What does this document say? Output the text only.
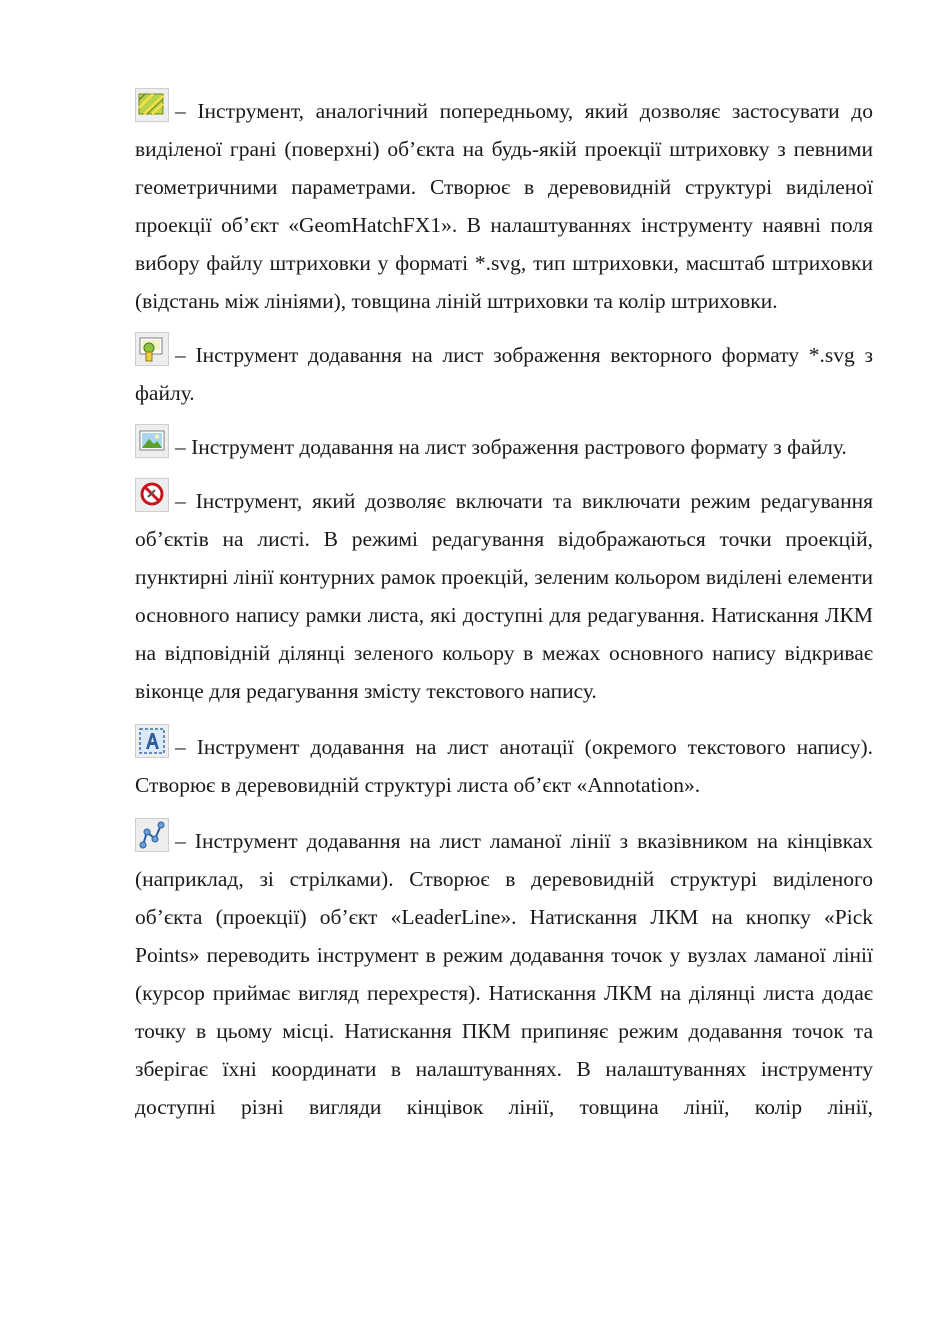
– Інструмент, аналогічний попередньому, який дозволяє застосувати до виділеної грані (поверхні) об’єкта на будь-якій проекції штриховку з певними геометричними параметрами. Створює в деревовидній структурі виділеної проекції об’єкт «GeomHatchFX1». В налаштуваннях інструменту наявні поля вибору файлу штриховки у форматі *.svg, тип штриховки, масштаб штриховки (відстань між лініями), товщина ліній штриховки та колір штриховки.

– Інструмент додавання на лист зображення векторного формату *.svg з файлу.

– Інструмент додавання на лист зображення растрового формату з файлу.

– Інструмент, який дозволяє включати та виключати режим редагування об’єктів на листі. В режимі редагування відображаються точки проекцій, пунктирні лінії контурних рамок проекцій, зеленим кольором виділені елементи основного напису рамки листа, які доступні для редагування. Натискання ЛКМ на відповідній ділянці зеленого кольору в межах основного напису відкриває віконце для редагування змісту текстового напису.

– Інструмент додавання на лист анотації (окремого текстового напису). Створює в деревовидній структурі листа об’єкт «Annotation».

– Інструмент додавання на лист ламаної лінії з вказівником на кінцівках (наприклад, зі стрілками). Створює в деревовидній структурі виділеного об’єкта (проекції) об’єкт «LeaderLine». Натискання ЛКМ на кнопку «Pick Points» переводить інструмент в режим додавання точок у вузлах ламаної лінії (курсор приймає вигляд перехрестя). Натискання ЛКМ на ділянці листа додає точку в цьому місці. Натискання ПКМ припиняє режим додавання точок та зберігає їхні координати в налаштуваннях. В налаштуваннях інструменту доступні різні вигляди кінцівок лінії, товщина лінії, колір лінії,
